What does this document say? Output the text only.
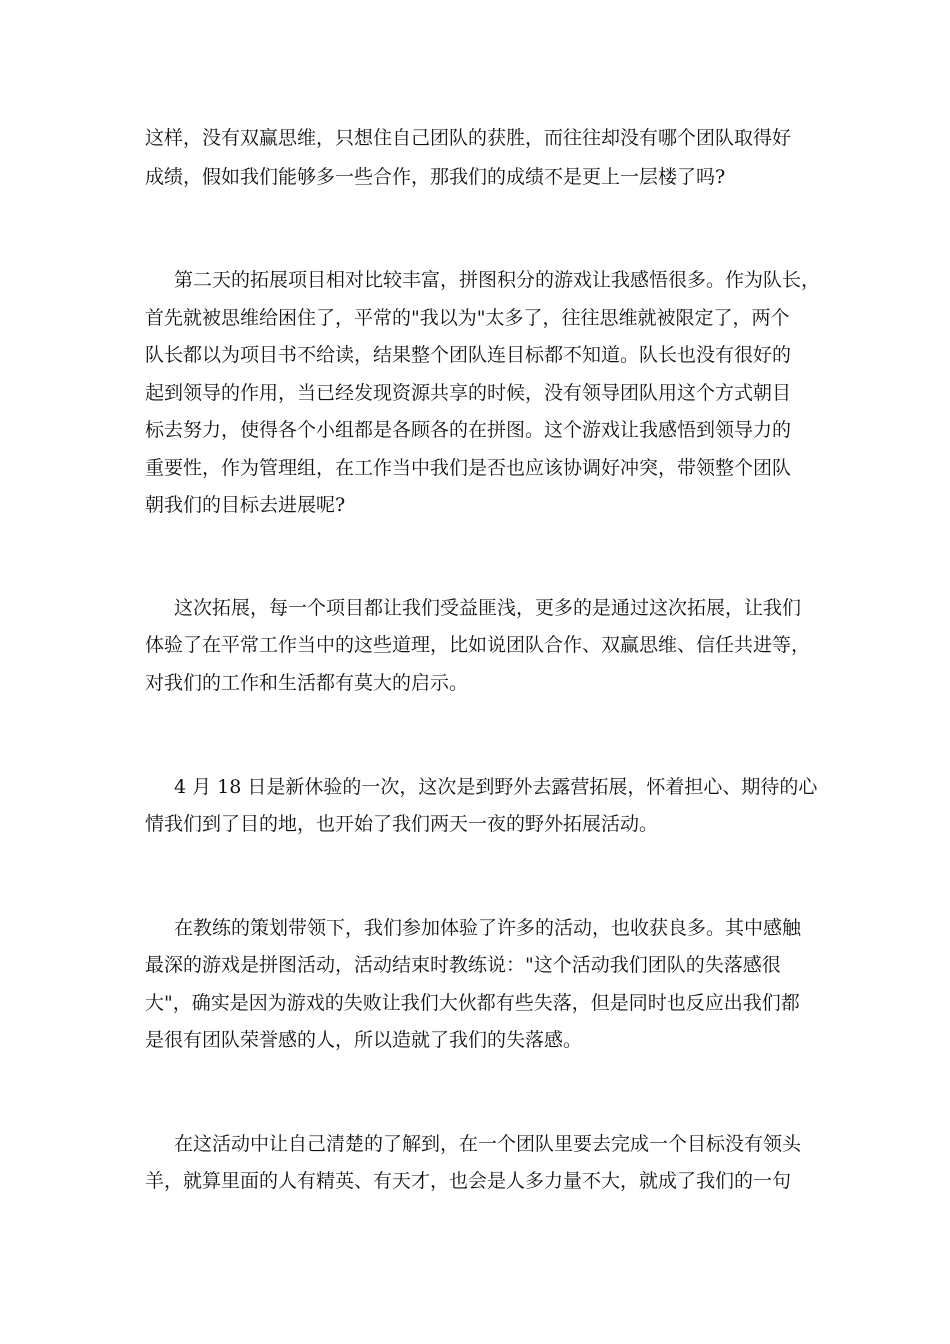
这样，没有双赢思维，只想住自己团队的获胜，而往往却没有哪个团队取得好
成绩，假如我们能够多一些合作，那我们的成绩不是更上一层楼了吗?
第二天的拓展项目相对比较丰富，拼图积分的游戏让我感悟很多。作为队长，
首先就被思维给困住了，平常的"我以为"太多了，往往思维就被限定了，两个
队长都以为项目书不给读，结果整个团队连目标都不知道。队长也没有很好的
起到领导的作用，当已经发现资源共享的时候，没有领导团队用这个方式朝目
标去努力，使得各个小组都是各顾各的在拼图。这个游戏让我感悟到领导力的
重要性，作为管理组，在工作当中我们是否也应该协调好冲突，带领整个团队
朝我们的目标去进展呢?
这次拓展，每一个项目都让我们受益匪浅，更多的是通过这次拓展，让我们
体验了在平常工作当中的这些道理，比如说团队合作、双赢思维、信任共进等，
对我们的工作和生活都有莫大的启示。
4 月 18 日是新休验的一次，这次是到野外去露营拓展，怀着担心、期待的心
情我们到了目的地，也开始了我们两天一夜的野外拓展活动。
在教练的策划带领下，我们参加体验了许多的活动，也收获良多。其中感触
最深的游戏是拼图活动，活动结束时教练说："这个活动我们团队的失落感很
大"，确实是因为游戏的失败让我们大伙都有些失落，但是同时也反应出我们都
是很有团队荣誉感的人，所以造就了我们的失落感。
在这活动中让自己清楚的了解到，在一个团队里要去完成一个目标没有领头
羊，就算里面的人有精英、有天才，也会是人多力量不大，就成了我们的一句
